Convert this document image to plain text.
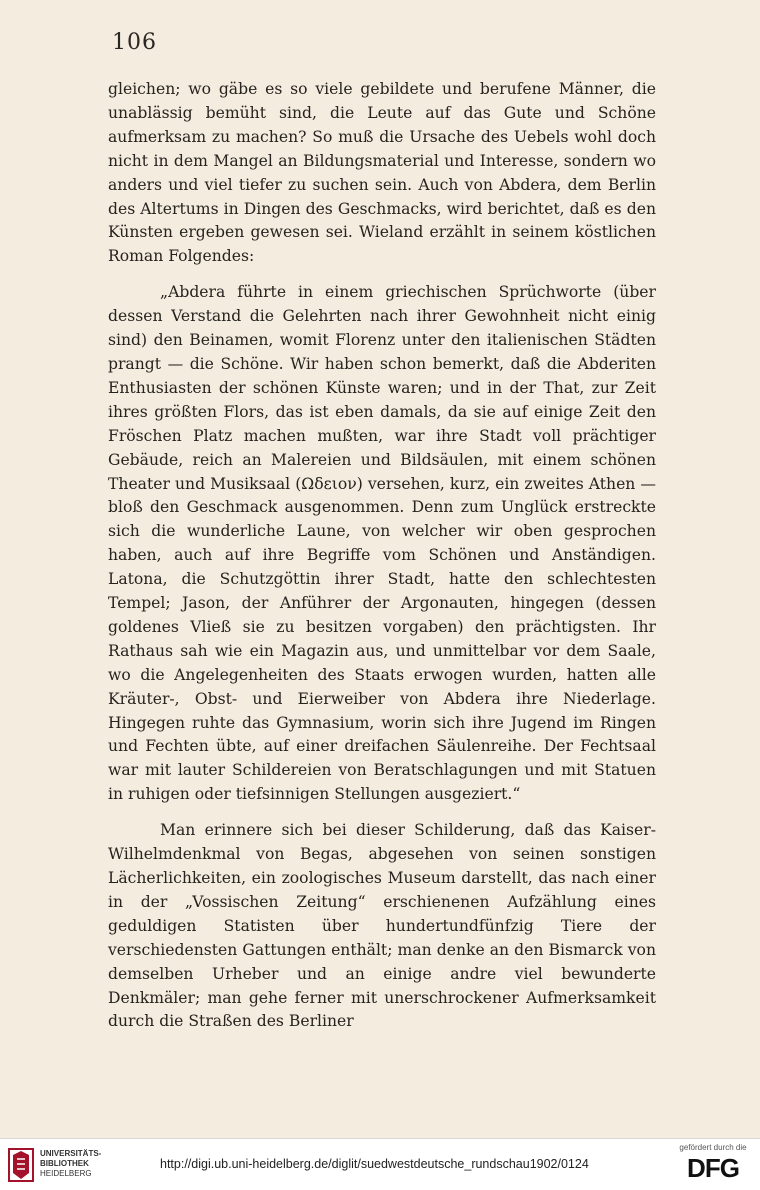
106

gleichen; wo gäbe es so viele gebildete und berufene Männer, die unablässig bemüht sind, die Leute auf das Gute und Schöne aufmerksam zu machen? So muß die Ursache des Uebels wohl doch nicht in dem Mangel an Bildungsmaterial und Interesse, sondern wo anders und viel tiefer zu suchen sein. Auch von Abdera, dem Berlin des Altertums in Dingen des Geschmacks, wird berichtet, daß es den Künsten ergeben gewesen sei. Wieland erzählt in seinem köstlichen Roman Folgendes:

„Abdera führte in einem griechischen Sprüchworte (über dessen Verstand die Gelehrten nach ihrer Gewohnheit nicht einig sind) den Beinamen, womit Florenz unter den italienischen Städten prangt — die Schöne. Wir haben schon bemerkt, daß die Abderiten Enthusiasten der schönen Künste waren; und in der That, zur Zeit ihres größten Flors, das ist eben damals, da sie auf einige Zeit den Fröschen Platz machen mußten, war ihre Stadt voll prächtiger Gebäude, reich an Malereien und Bildsäulen, mit einem schönen Theater und Musiksaal (Ωδειον) versehen, kurz, ein zweites Athen — bloß den Geschmack ausgenommen. Denn zum Unglück erstreckte sich die wunderliche Laune, von welcher wir oben gesprochen haben, auch auf ihre Begriffe vom Schönen und Anständigen. Latona, die Schutzgöttin ihrer Stadt, hatte den schlechtesten Tempel; Jason, der Anführer der Argonauten, hingegen (dessen goldenes Vließ sie zu besitzen vorgaben) den prächtigsten. Ihr Rathaus sah wie ein Magazin aus, und unmittelbar vor dem Saale, wo die Angelegenheiten des Staats erwogen wurden, hatten alle Kräuter-, Obst- und Eierweiber von Abdera ihre Niederlage. Hingegen ruhte das Gymnasium, worin sich ihre Jugend im Ringen und Fechten übte, auf einer dreifachen Säulenreihe. Der Fechtsaal war mit lauter Schildereien von Beratschlagungen und mit Statuen in ruhigen oder tiefsinnigen Stellungen ausgeziert.“

Man erinnere sich bei dieser Schilderung, daß das Kaiser-Wilhelmdenkmal von Begas, abgesehen von seinen sonstigen Lächerlichkeiten, ein zoologisches Museum darstellt, das nach einer in der „Vossischen Zeitung“ erschienenen Aufzählung eines geduldigen Statisten über hundertundfünfzig Tiere der verschiedensten Gattungen enthält; man denke an den Bismarck von demselben Urheber und an einige andre viel bewunderte Denkmäler; man gehe ferner mit unerschrockener Aufmerksamkeit durch die Straßen des Berliner

UNIVERSITÄTS-
BIBLIOTHEK
HEIDELBERG
http://digi.ub.uni-heidelberg.de/diglit/suedwestdeutsche_rundschau1902/0124
gefördert durch die
DFG
